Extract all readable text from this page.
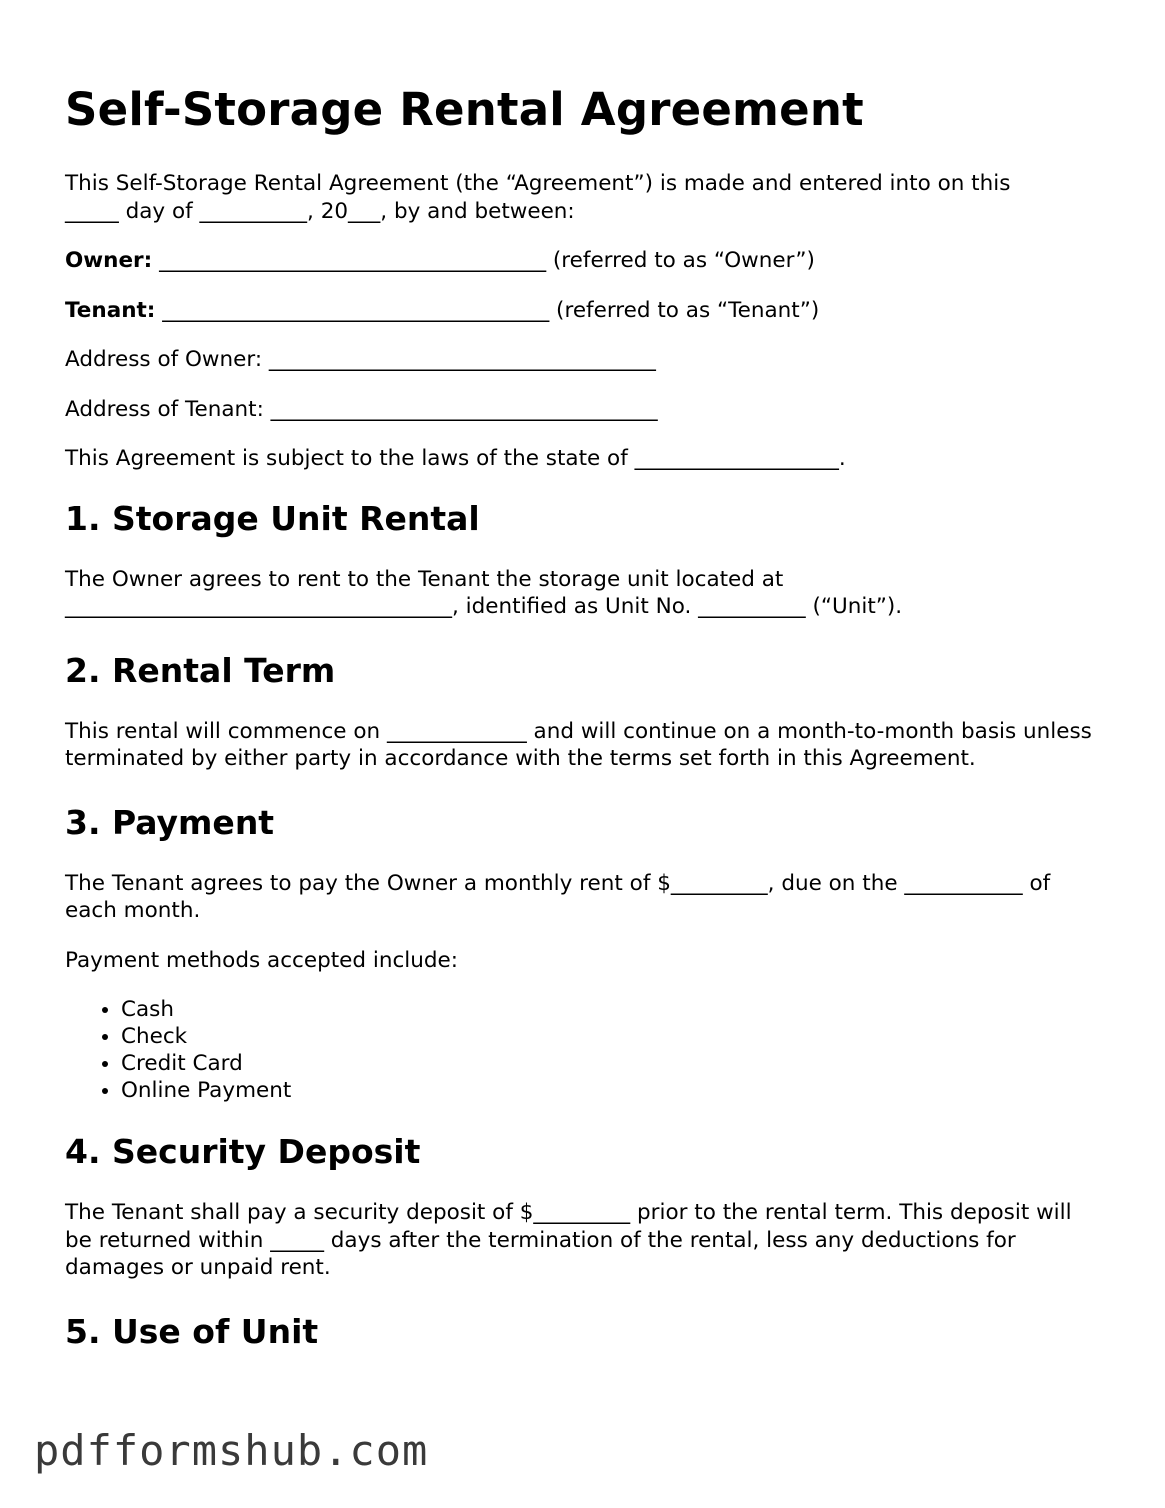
Self-Storage Rental Agreement

This Self-Storage Rental Agreement (the “Agreement”) is made and entered into on this
_____ day of __________, 20___, by and between:

Owner: ____________________________________ (referred to as “Owner”)

Tenant: ____________________________________ (referred to as “Tenant”)

Address of Owner: ____________________________________

Address of Tenant: ____________________________________

This Agreement is subject to the laws of the state of ___________________.

1. Storage Unit Rental

The Owner agrees to rent to the Tenant the storage unit located at
____________________________________, identified as Unit No. __________ (“Unit”).

2. Rental Term

This rental will commence on _____________ and will continue on a month-to-month basis unless terminated by either party in accordance with the terms set forth in this Agreement.

3. Payment

The Tenant agrees to pay the Owner a monthly rent of $_________, due on the ___________ of each month.

Payment methods accepted include:

• Cash
• Check
• Credit Card
• Online Payment
4. Security Deposit

The Tenant shall pay a security deposit of $_________ prior to the rental term. This deposit will be returned within _____ days after the termination of the rental, less any deductions for damages or unpaid rent.

5. Use of Unit
pdfformshub.com
